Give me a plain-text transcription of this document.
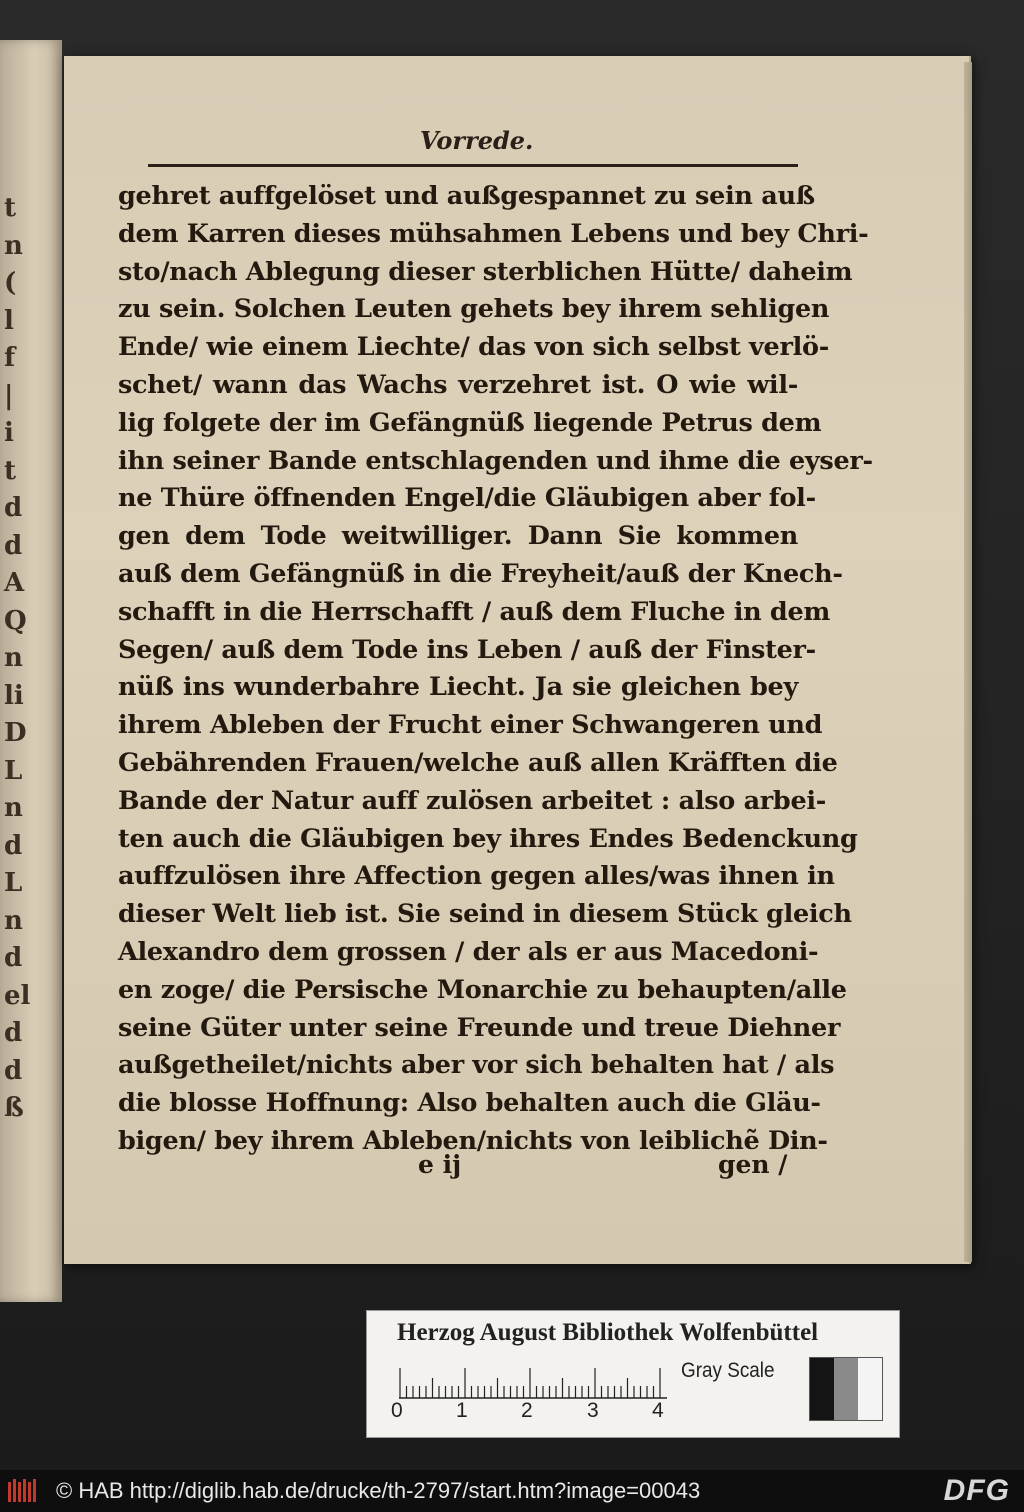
t
n
(
l
f
|
i
t
d
d
A
Q
n
li
D
L
n
d
L
n
d
el
d
d
ß
Vorrede.
gehret auffgelöset und außgespannet zu sein auß
dem Karren dieses mühsahmen Lebens und bey Chri-
sto/nach Ablegung dieser sterblichen Hütte/ daheim
zu sein. Solchen Leuten gehets bey ihrem sehligen
Ende/ wie einem Liechte/ das von sich selbst verlö-
schet/ wann das Wachs verzehret ist. O wie wil-
lig folgete der im Gefängnüß liegende Petrus dem
ihn seiner Bande entschlagenden und ihme die eyser-
ne Thüre öffnenden Engel/die Gläubigen aber fol-
gen dem Tode weitwilliger. Dann Sie kommen
auß dem Gefängnüß in die Freyheit/auß der Knech-
schafft in die Herrschafft / auß dem Fluche in dem
Segen/ auß dem Tode ins Leben / auß der Finster-
nüß ins wunderbahre Liecht. Ja sie gleichen bey
ihrem Ableben der Frucht einer Schwangeren und
Gebährenden Frauen/welche auß allen Kräfften die
Bande der Natur auff zulösen arbeitet : also arbei-
ten auch die Gläubigen bey ihres Endes Bedenckung
auffzulösen ihre Affection gegen alles/was ihnen in
dieser Welt lieb ist. Sie seind in diesem Stück gleich
Alexandro dem grossen / der als er aus Macedoni-
en zoge/ die Persische Monarchie zu behaupten/alle
seine Güter unter seine Freunde und treue Diehner
außgetheilet/nichts aber vor sich behalten hat / als
die blosse Hoffnung: Also behalten auch die Gläu-
bigen/ bey ihrem Ableben/nichts von leiblichẽ Din-
e ij	gen /
Herzog August Bibliothek Wolfenbüttel
0	1	2	3	4
Gray Scale
© HAB http://diglib.hab.de/drucke/th-2797/start.htm?image=00043	DFG
